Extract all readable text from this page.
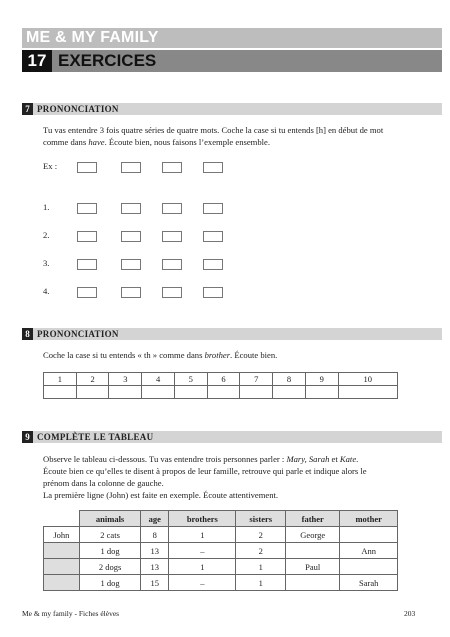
ME & MY FAMILY
17 EXERCICES
7 PRONONCIATION
Tu vas entendre 3 fois quatre séries de quatre mots. Coche la case si tu entends [h] en début de mot
comme dans have. Écoute bien, nous faisons l’exemple ensemble.
Ex :
1.
2.
3.
4.
8 PRONONCIATION
Coche la case si tu entends « th » comme dans brother. Écoute bien.
1	2	3	4	5	6	7	8	9	10

9 COMPLÈTE LE TABLEAU
Observe le tableau ci-dessous. Tu vas entendre trois personnes parler : Mary, Sarah et Kate.
Écoute bien ce qu’elles te disent à propos de leur famille, retrouve qui parle et indique alors le
prénom dans la colonne de gauche.
La première ligne (John) est faite en exemple. Écoute attentivement.
	animals	age	brothers	sisters	father	mother
John	2 cats	8	1	2	George	
	1 dog	13	–	2		Ann
	2 dogs	13	1	1	Paul	
	1 dog	15	–	1		Sarah
Me & my family - Fiches élèves	203
